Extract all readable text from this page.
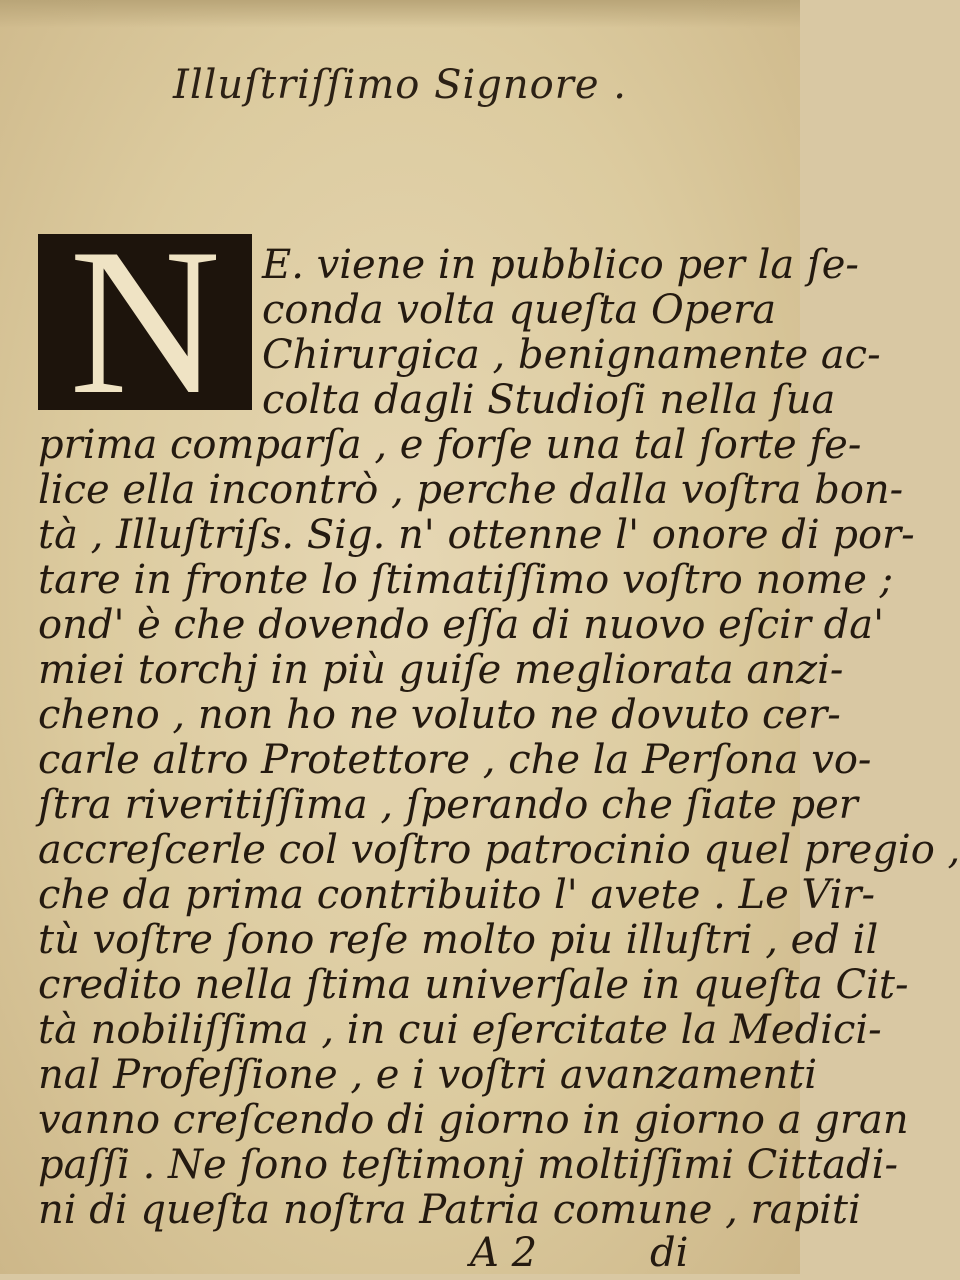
Illuſtriſſimo Signore .
N	E. viene in pubblico per la ſe-
conda volta queſta Opera
Chirurgica , benignamente ac-
colta dagli Studioſi nella ſua
prima comparſa , e forſe una tal ſorte fe-
lice ella incontrò , perche dalla voſtra bon-
tà , Illuſtriſs. Sig. n' ottenne l' onore di por-
tare in fronte lo ſtimatiſſimo voſtro nome ;
ond' è che dovendo eſſa di nuovo eſcir da'
miei torchj in più guiſe megliorata anzi-
cheno , non ho ne voluto ne dovuto cer-
carle altro Protettore , che la Perſona vo-
ſtra riveritiſſima , ſperando che ſiate per
accreſcerle col voſtro patrocinio quel pregio ,
che da prima contribuito l' avete . Le Vir-
tù voſtre ſono reſe molto piu illuſtri , ed il
credito nella ſtima univerſale in queſta Cit-
tà nobiliſſima , in cui eſercitate la Medici-
nal Profeſſione , e i voſtri avanzamenti
vanno creſcendo di giorno in giorno a gran
paſſi . Ne ſono teſtimonj moltiſſimi Cittadi-
ni di queſta noſtra Patria comune , rapiti
A 2	di
